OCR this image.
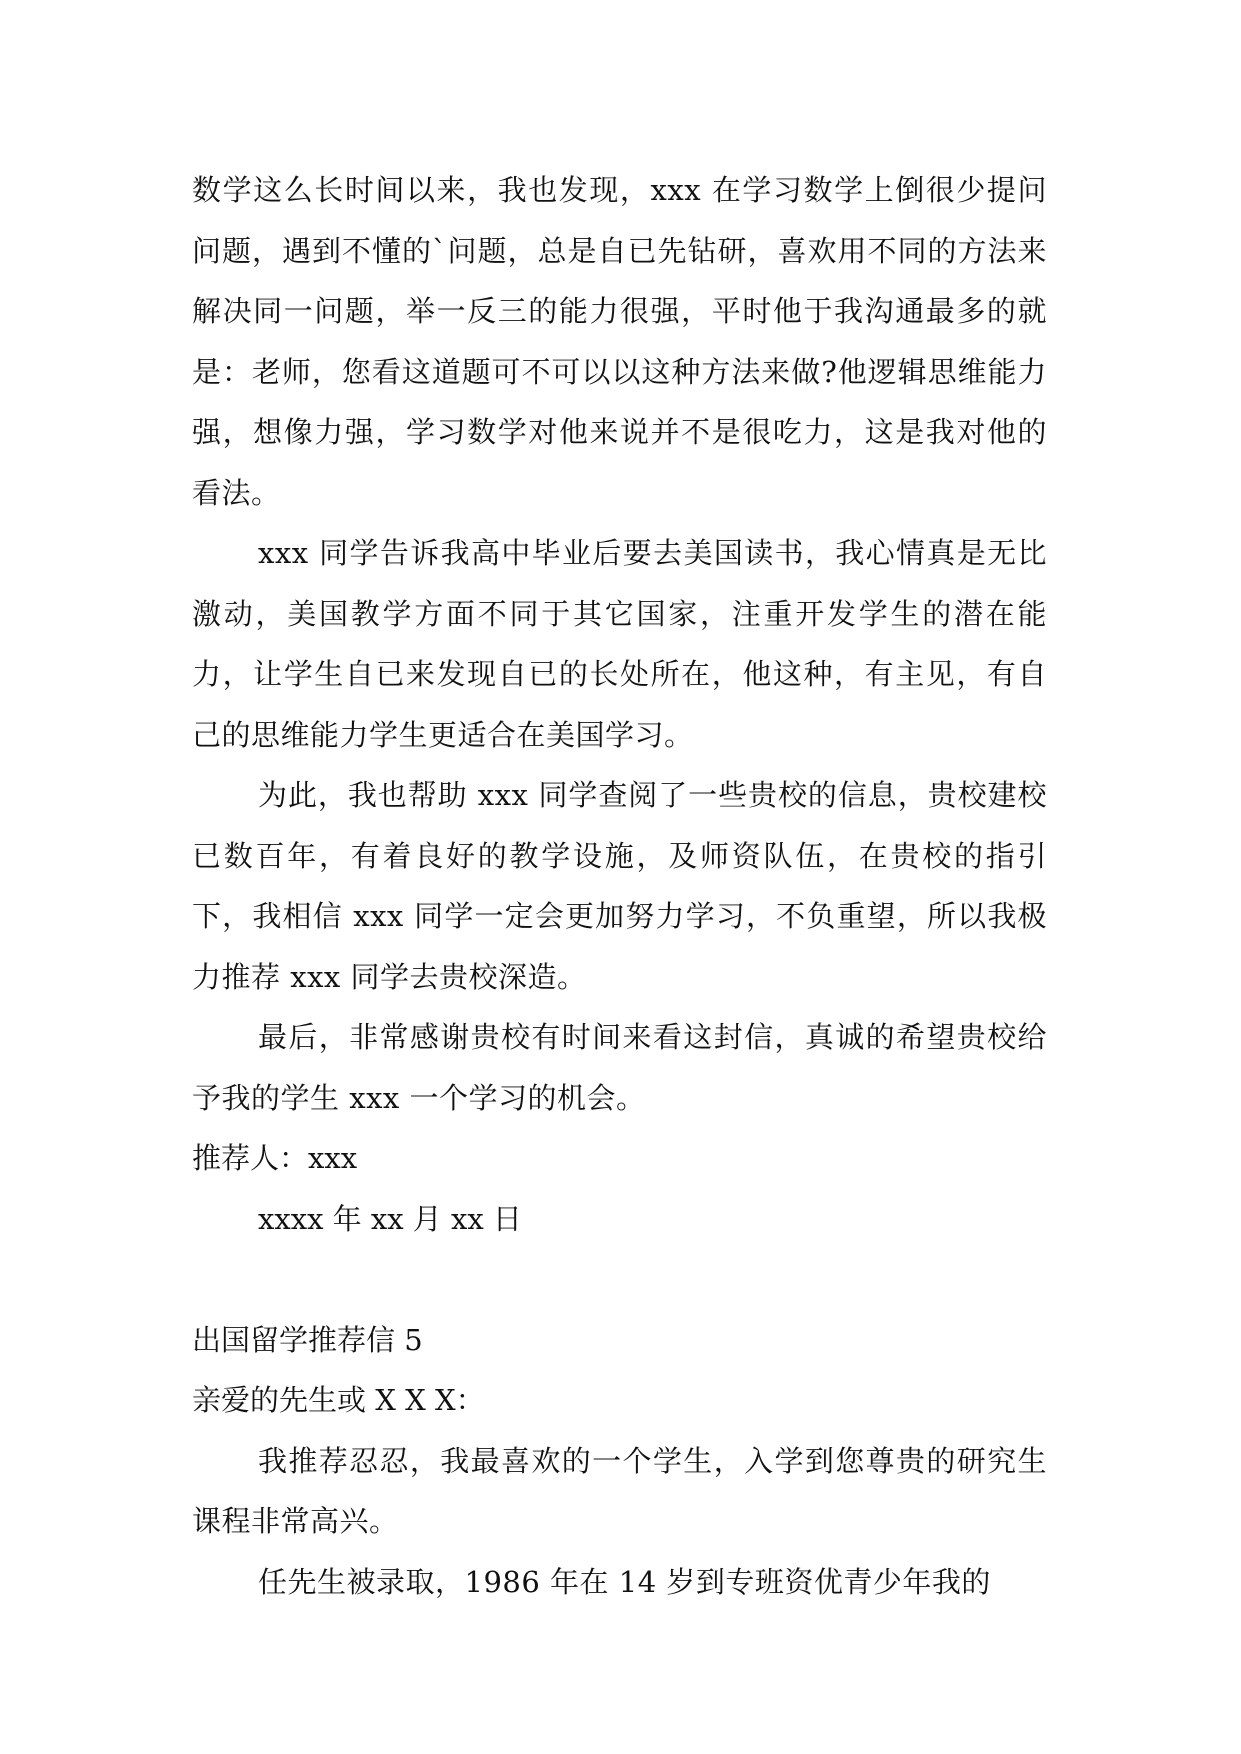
数学这么长时间以来，我也发现，xxx 在学习数学上倒很少提问问题，遇到不懂的`问题，总是自已先钻研，喜欢用不同的方法来解决同一问题，举一反三的能力很强，平时他于我沟通最多的就是：老师，您看这道题可不可以以这种方法来做?他逻辑思维能力强，想像力强，学习数学对他来说并不是很吃力，这是我对他的看法。

xxx 同学告诉我高中毕业后要去美国读书，我心情真是无比激动，美国教学方面不同于其它国家，注重开发学生的潜在能力，让学生自已来发现自已的长处所在，他这种，有主见，有自己的思维能力学生更适合在美国学习。

为此，我也帮助 xxx 同学查阅了一些贵校的信息，贵校建校已数百年，有着良好的教学设施，及师资队伍，在贵校的指引下，我相信 xxx 同学一定会更加努力学习，不负重望，所以我极力推荐 xxx 同学去贵校深造。

最后，非常感谢贵校有时间来看这封信，真诚的希望贵校给予我的学生 xxx 一个学习的机会。

推荐人：xxx

xxxx 年 xx 月 xx 日

出国留学推荐信 5

亲爱的先生或 X X X：

我推荐忍忍，我最喜欢的一个学生，入学到您尊贵的研究生课程非常高兴。

任先生被录取，1986 年在 14 岁到专班资优青少年我的
